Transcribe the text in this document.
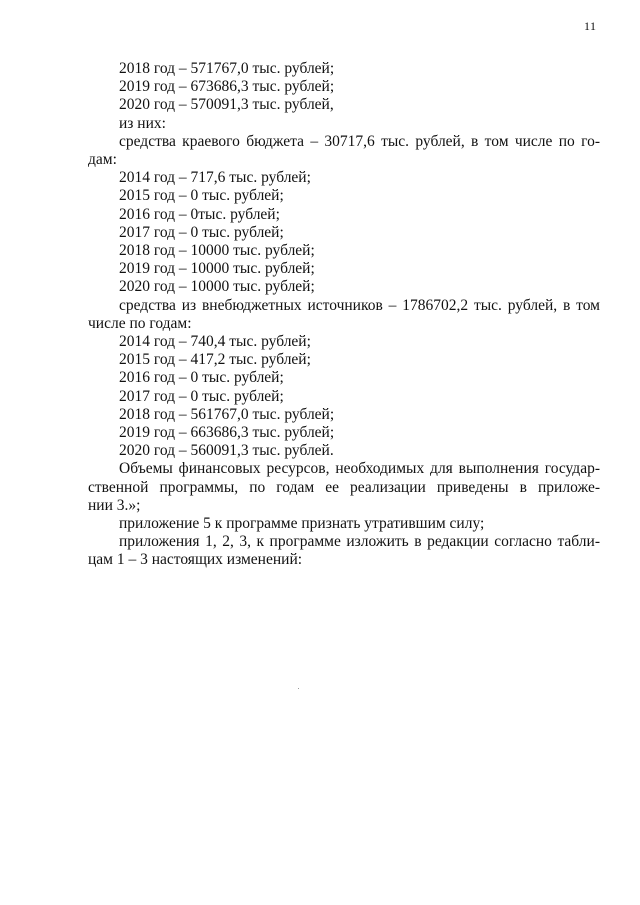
11
2018 год – 571767,0 тыс. рублей;
2019 год – 673686,3 тыс. рублей;
2020 год – 570091,3 тыс. рублей,
из них:
средства краевого бюджета – 30717,6 тыс. рублей, в том числе по го-
дам:
2014 год – 717,6 тыс. рублей;
2015 год – 0 тыс. рублей;
2016 год – 0тыс. рублей;
2017 год – 0 тыс. рублей;
2018 год – 10000 тыс. рублей;
2019 год – 10000 тыс. рублей;
2020 год – 10000 тыс. рублей;
средства из внебюджетных источников – 1786702,2 тыс. рублей, в том
числе по годам:
2014 год – 740,4 тыс. рублей;
2015 год – 417,2 тыс. рублей;
2016 год – 0 тыс. рублей;
2017 год – 0 тыс. рублей;
2018 год – 561767,0 тыс. рублей;
2019 год – 663686,3 тыс. рублей;
2020 год – 560091,3 тыс. рублей.
Объемы финансовых ресурсов, необходимых для выполнения государ-
ственной программы, по годам ее реализации приведены в приложе-
нии 3.»;
приложение 5 к программе признать утратившим силу;
приложения 1, 2, 3, к программе изложить в редакции согласно табли-
цам 1 – 3 настоящих изменений:
